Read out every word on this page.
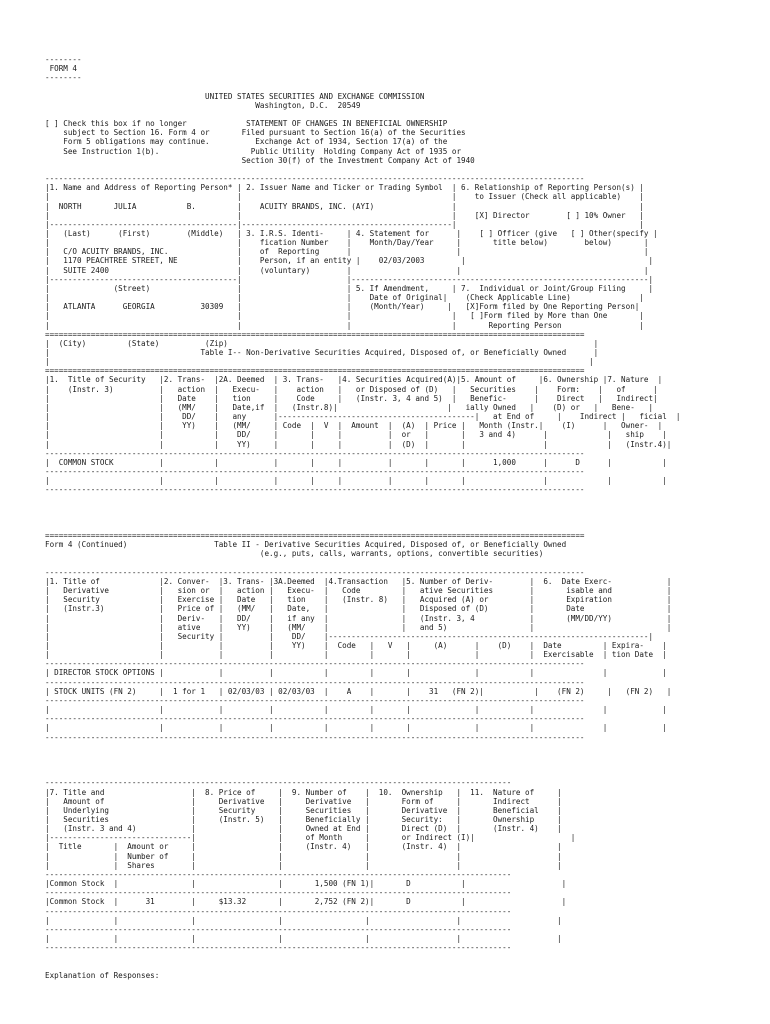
--------
FORM 4
--------

UNITED STATES SECURITIES AND EXCHANGE COMMISSION
Washington, D.C.  20549

[ ] Check this box if no longer             STATEMENT OF CHANGES IN BENEFICIAL OWNERSHIP
subject to Section 16. Form 4 or       Filed pursuant to Section 16(a) of the Securities
Form 5 obligations may continue.          Exchange Act of 1934, Section 17(a) of the
See Instruction 1(b).                    Public Utility  Holding Company Act of 1935 or
Section 30(f) of the Investment Company Act of 1940

----------------------------------------------------------------------------------------------------------------------
|1. Name and Address of Reporting Person* | 2. Issuer Name and Ticker or Trading Symbol  | 6. Relationship of Reporting Person(s) |
|                                         |                                              |    to Issuer (Check all applicable)    |
|  NORTH       JULIA           B.         |    ACUITY BRANDS, INC. (AYI)                 |                                        |
|                                         |                                              |    [X] Director        [ ] 10% Owner   |
|-----------------------------------------|----------------------------------------------|                                        |
|   (Last)      (First)        (Middle)   | 3. I.R.S. Identi-     | 4. Statement for      |    [ ] Officer (give   [ ] Other(specify |
|                                         |    fication Number    |    Month/Day/Year     |       title below)        below)       |
|   C/O ACUITY BRANDS, INC.               |    of  Reporting      |                       |                                        |
|   1170 PEACHTREE STREET, NE             |    Person, if an entity |    02/03/2003        |                                        |
|   SUITE 2400                            |    (voluntary)        |                       |                                        |
|-----------------------------------------|                       |-----------------------------------------------------------------|
|              (Street)                   |                       | 5. If Amendment,     | 7.  Individual or Joint/Group Filing     |
|                                         |                       |    Date of Original|    (Check Applicable Line)               |
|   ATLANTA      GEORGIA          30309   |                       |    (Month/Year)     |   [X]Form filed by One Reporting Person|
|                                         |                       |                      |   [ ]Form filed by More than One       |
|                                         |                       |                      |       Reporting Person                 |
======================================================================================================================
|  (City)         (State)          (Zip)                                                                                |
|                                 Table I-- Non-Derivative Securities Acquired, Disposed of, or Beneficially Owned      |
|                                                                                                                      |
======================================================================================================================
|1.  Title of Security   |2. Trans-  |2A. Deemed  | 3. Trans-   |4. Securities Acquired(A)|5. Amount of     |6. Ownership |7. Nature  |
|    (Instr. 3)          |   action  |   Execu-   |    action   |   or Disposed of (D)   |   Securities    |    Form:    |   of      |
|                        |   Date    |   tion     |    Code     |   (Instr. 3, 4 and 5)  |   Benefic-      |    Direct   |   Indirect|
|                        |   (MM/    |   Date,if  |   (Instr.8)|                        |   ially Owned   |    (D) or   |   Bene-   |
|                        |    DD/    |   any      |-------------------------------------------|   at End of     |    Indirect |   ficial  |
|                        |    YY)    |   (MM/     | Code  |  V  |  Amount  |  (A)  | Price |   Month (Instr.|    (I)      |   Owner-  |
|                        |           |    DD/     |       |     |          |  or   |       |   3 and 4)      |             |   ship    |
|                        |           |    YY)     |       |     |          |  (D)  |       |                 |             |   (Instr.4)|
----------------------------------------------------------------------------------------------------------------------
|  COMMON STOCK          |           |            |       |     |          |       |       |      1,000      |      D      |           |
----------------------------------------------------------------------------------------------------------------------
|                        |           |            |       |     |          |       |       |                 |             |           |
----------------------------------------------------------------------------------------------------------------------

======================================================================================================================
Form 4 (Continued)                   Table II - Derivative Securities Acquired, Disposed of, or Beneficially Owned
(e.g., puts, calls, warrants, options, convertible securities)

----------------------------------------------------------------------------------------------------------------------
|1. Title of             |2. Conver-  |3. Trans- |3A.Deemed  |4.Transaction   |5. Number of Deriv-        |  6.  Date Exerc-            |
|   Derivative           |   sion or  |   action |   Execu-  |   Code         |   ative Securities        |       isable and            |
|   Security             |   Exercise |   Date   |   tion    |   (Instr. 8)   |   Acquired (A) or         |       Expiration            |
|   (Instr.3)            |   Price of |   (MM/   |   Date,   |                |   Disposed of (D)         |       Date                  |
|                        |   Deriv-   |   DD/    |   if any  |                |   (Instr. 3, 4            |       (MM/DD/YY)            |
|                        |   ative    |   YY)    |   (MM/    |                |   and 5)                  |                             |
|                        |   Security |          |    DD/    |----------------------------------------------------------------------|
|                        |            |          |    YY)    |  Code   |   V   |     (A)      |    (D)    |  Date         | Expira-    |
|                        |            |          |           |         |       |              |           |  Exercisable  | tion Date  |
----------------------------------------------------------------------------------------------------------------------
| DIRECTOR STOCK OPTIONS |            |          |           |         |       |              |           |               |            |
----------------------------------------------------------------------------------------------------------------------
| STOCK UNITS (FN 2)     |  1 for 1   | 02/03/03 | 02/03/03  |    A    |       |    31   (FN 2)|           |    (FN 2)     |   (FN 2)   |
----------------------------------------------------------------------------------------------------------------------
|                        |            |          |           |         |       |              |           |               |            |
----------------------------------------------------------------------------------------------------------------------
|                        |            |          |           |         |       |              |           |               |            |
----------------------------------------------------------------------------------------------------------------------

------------------------------------------------------------------------------------------------------
|7. Title and                   |  8. Price of     |  9. Number of    |  10.  Ownership   |  11.  Nature of     |
|   Amount of                   |     Derivative   |     Derivative   |       Form of     |       Indirect      |
|   Underlying                  |     Security     |     Securities   |       Derivative  |       Beneficial    |
|   Securities                  |     (Instr. 5)   |     Beneficially |       Security:   |       Ownership     |
|   (Instr. 3 and 4)            |                  |     Owned at End |       Direct (D)  |       (Instr. 4)    |
|-------------------------------|                  |     of Month     |       or Indirect (I)|                     |
|  Title       |  Amount or     |                  |     (Instr. 4)   |       (Instr. 4)  |                     |
|              |  Number of     |                  |                  |                   |                     |
|              |  Shares        |                  |                  |                   |                     |
------------------------------------------------------------------------------------------------------
|Common Stock  |                |                  |       1,500 (FN 1)|       D           |                     |
------------------------------------------------------------------------------------------------------
|Common Stock  |      31        |     $13.32       |       2,752 (FN 2)|       D           |                     |
------------------------------------------------------------------------------------------------------
|              |                |                  |                  |                   |                     |
------------------------------------------------------------------------------------------------------
|              |                |                  |                  |                   |                     |
------------------------------------------------------------------------------------------------------

Explanation of Responses:
